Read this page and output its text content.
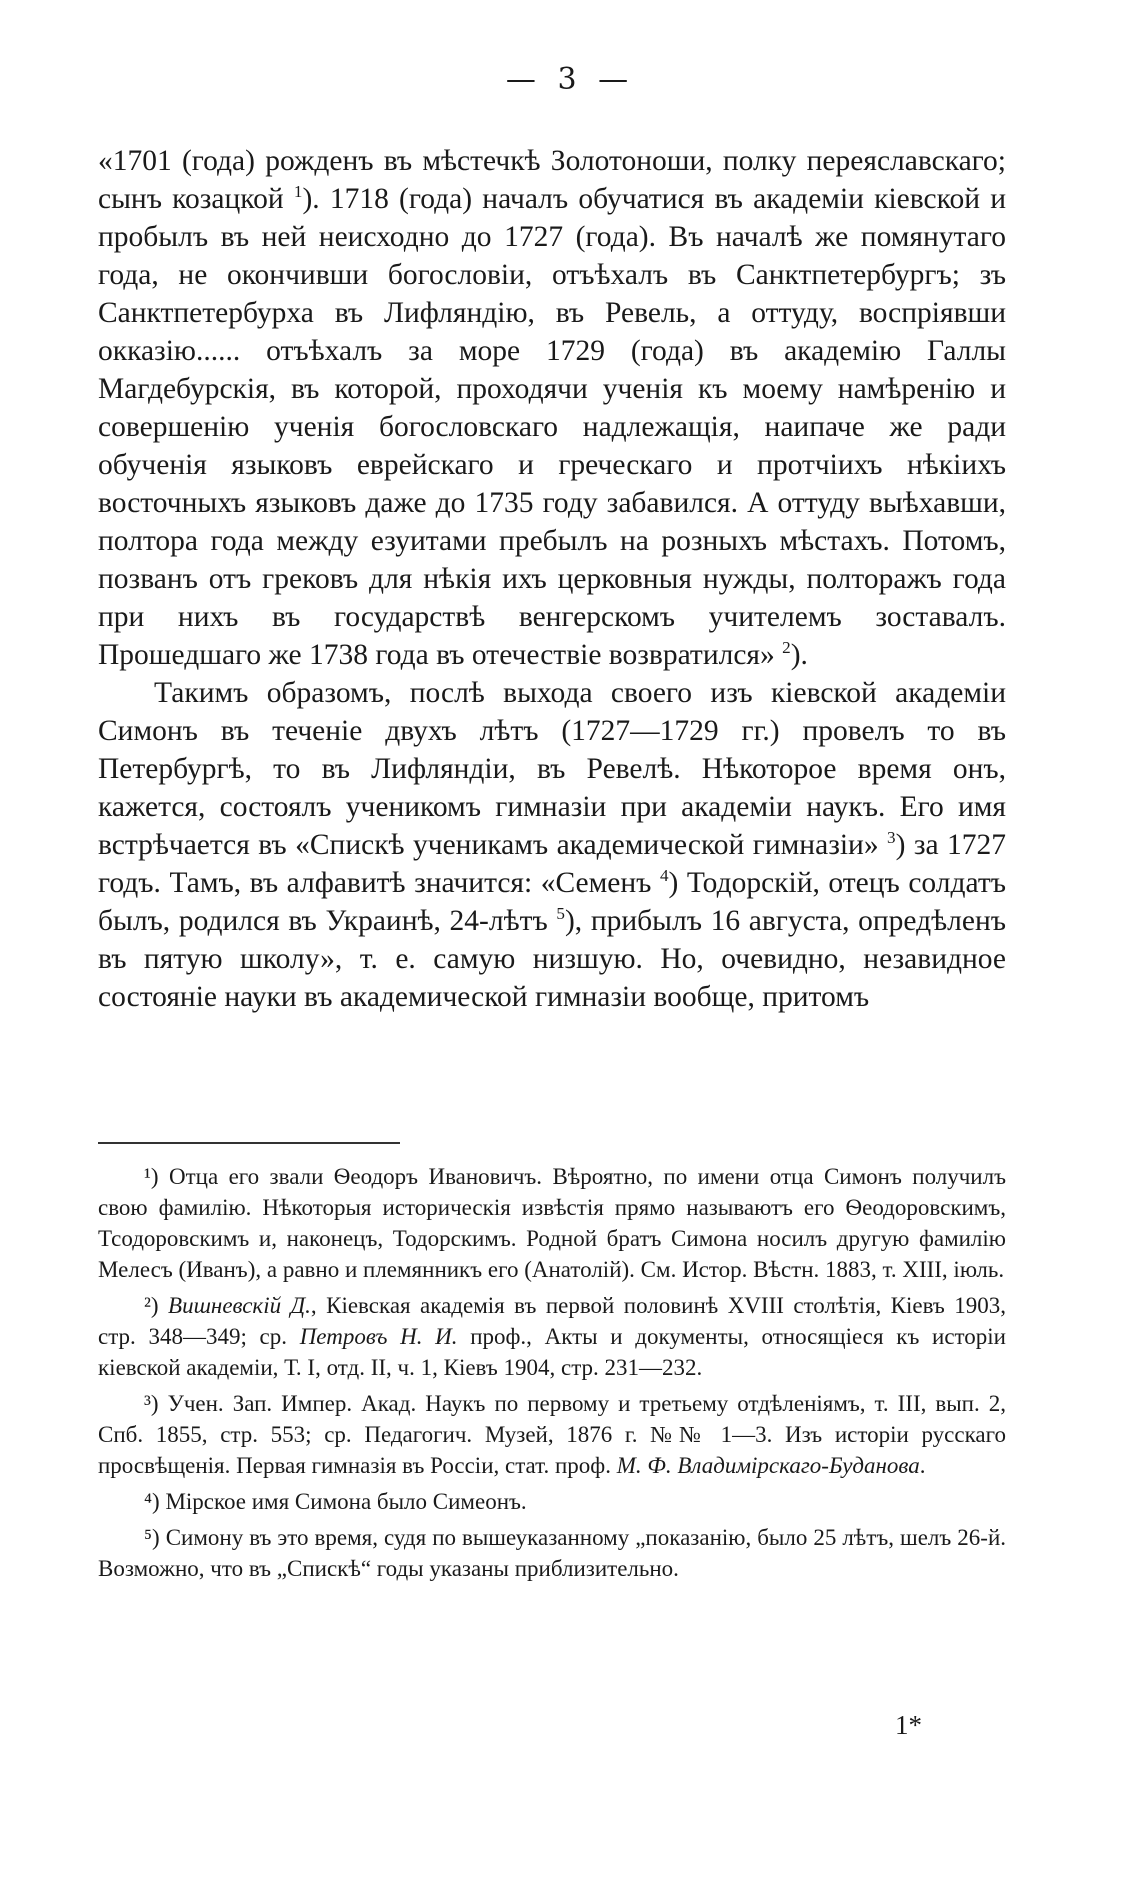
— 3 —

«1701 (года) рожденъ въ мѣстечкѣ Золотоноши, полку переяславскаго; сынъ козацкой $^1$). 1718 (года) началъ обучатися въ академіи кіевской и пробылъ въ ней неисходно до 1727 (года). Въ началѣ же помянутаго года, не окончивши богословіи, отъѣхалъ въ Санктпетербургъ; зъ Санктпетербурха въ Лифляндію, въ Ревель, а оттуду, воспріявши окказію...... отъѣхалъ за море 1729 (года) въ академію Галлы Магдебурскія, въ которой, проходячи ученія къ моему намѣренію и совершенію ученія богословскаго надлежащія, наипаче же ради обученія языковъ еврейскаго и греческаго и протчіихъ нѣкіихъ восточныхъ языковъ даже до 1735 году забавился. А оттуду выѣхавши, полтора года между езуитами пребылъ на розныхъ мѣстахъ. Потомъ, позванъ отъ грековъ для нѣкія ихъ церковныя нужды, полторажъ года при нихъ въ государствѣ венгерскомъ учителемъ зоставалъ. Прошедшаго же 1738 года въ отечествіе возвратился» $^2$).

Такимъ образомъ, послѣ выхода своего изъ кіевской академіи Симонъ въ теченіе двухъ лѣтъ (1727—1729 гг.) провелъ то въ Петербургѣ, то въ Лифляндіи, въ Ревелѣ. Нѣкоторое время онъ, кажется, состоялъ ученикомъ гимназіи при академіи наукъ. Его имя встрѣчается въ «Спискѣ ученикамъ академической гимназіи» $^3$) за 1727 годъ. Тамъ, въ алфавитѣ значится: «Семенъ $^4$) Тодорскій, отецъ солдатъ былъ, родился въ Украинѣ, 24-лѣтъ $^5$), прибылъ 16 августа, опредѣленъ въ пятую школу», т. е. самую низшую. Но, очевидно, незавидное состояніе науки въ академической гимназіи вообще, притомъ

¹) Отца его звали Ѳеодоръ Ивановичъ. Вѣроятно, по имени отца Симонъ получилъ свою фамилію. Нѣкоторыя историческія извѣстія прямо называютъ его Ѳеодоровскимъ, Тсодоровскимъ и, наконецъ, Тодорскимъ. Родной братъ Симона носилъ другую фамилію Мелесъ (Иванъ), а равно и племянникъ его (Анатолій). См. Истор. Вѣстн. 1883, т. XIII, іюль.

²) Вишневскій Д., Кіевская академія въ первой половинѣ XVIII столѣтія, Кіевъ 1903, стр. 348—349; ср. Петровъ Н. И. проф., Акты и документы, относящіеся къ исторіи кіевской академіи, Т. I, отд. II, ч. 1, Кіевъ 1904, стр. 231—232.

³) Учен. Зап. Импер. Акад. Наукъ по первому и третьему отдѣленіямъ, т. III, вып. 2, Спб. 1855, стр. 553; ср. Педагогич. Музей, 1876 г. №№ 1—3. Изъ исторіи русскаго просвѣщенія. Первая гимназія въ Россіи, стат. проф. М. Ф. Владимірскаго-Буданова.

⁴) Мірское имя Симона было Симеонъ.

⁵) Симону въ это время, судя по вышеуказанному „показанію, было 25 лѣтъ, шелъ 26-й. Возможно, что въ „Спискѣ“ годы указаны приблизительно.

1*
